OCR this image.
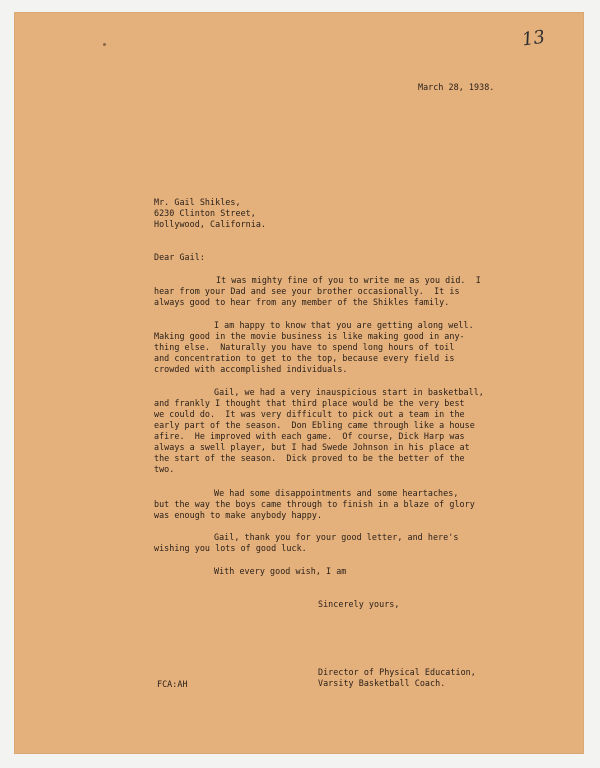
13
March 28, 1938.
Mr. Gail Shikles,
6230 Clinton Street,
Hollywood, California.
Dear Gail:
It was mighty fine of you to write me as you did.  I
hear from your Dad and see your brother occasionally.  It is
always good to hear from any member of the Shikles family.
I am happy to know that you are getting along well.
Making good in the movie business is like making good in any-
thing else.  Naturally you have to spend long hours of toil
and concentration to get to the top, because every field is
crowded with accomplished individuals.
Gail, we had a very inauspicious start in basketball,
and frankly I thought that third place would be the very best
we could do.  It was very difficult to pick out a team in the
early part of the season.  Don Ebling came through like a house
afire.  He improved with each game.  Of course, Dick Harp was
always a swell player, but I had Swede Johnson in his place at
the start of the season.  Dick proved to be the better of the
two.
We had some disappointments and some heartaches,
but the way the boys came through to finish in a blaze of glory
was enough to make anybody happy.
Gail, thank you for your good letter, and here's
wishing you lots of good luck.
With every good wish, I am
Sincerely yours,
Director of Physical Education,
Varsity Basketball Coach.
FCA:AH
